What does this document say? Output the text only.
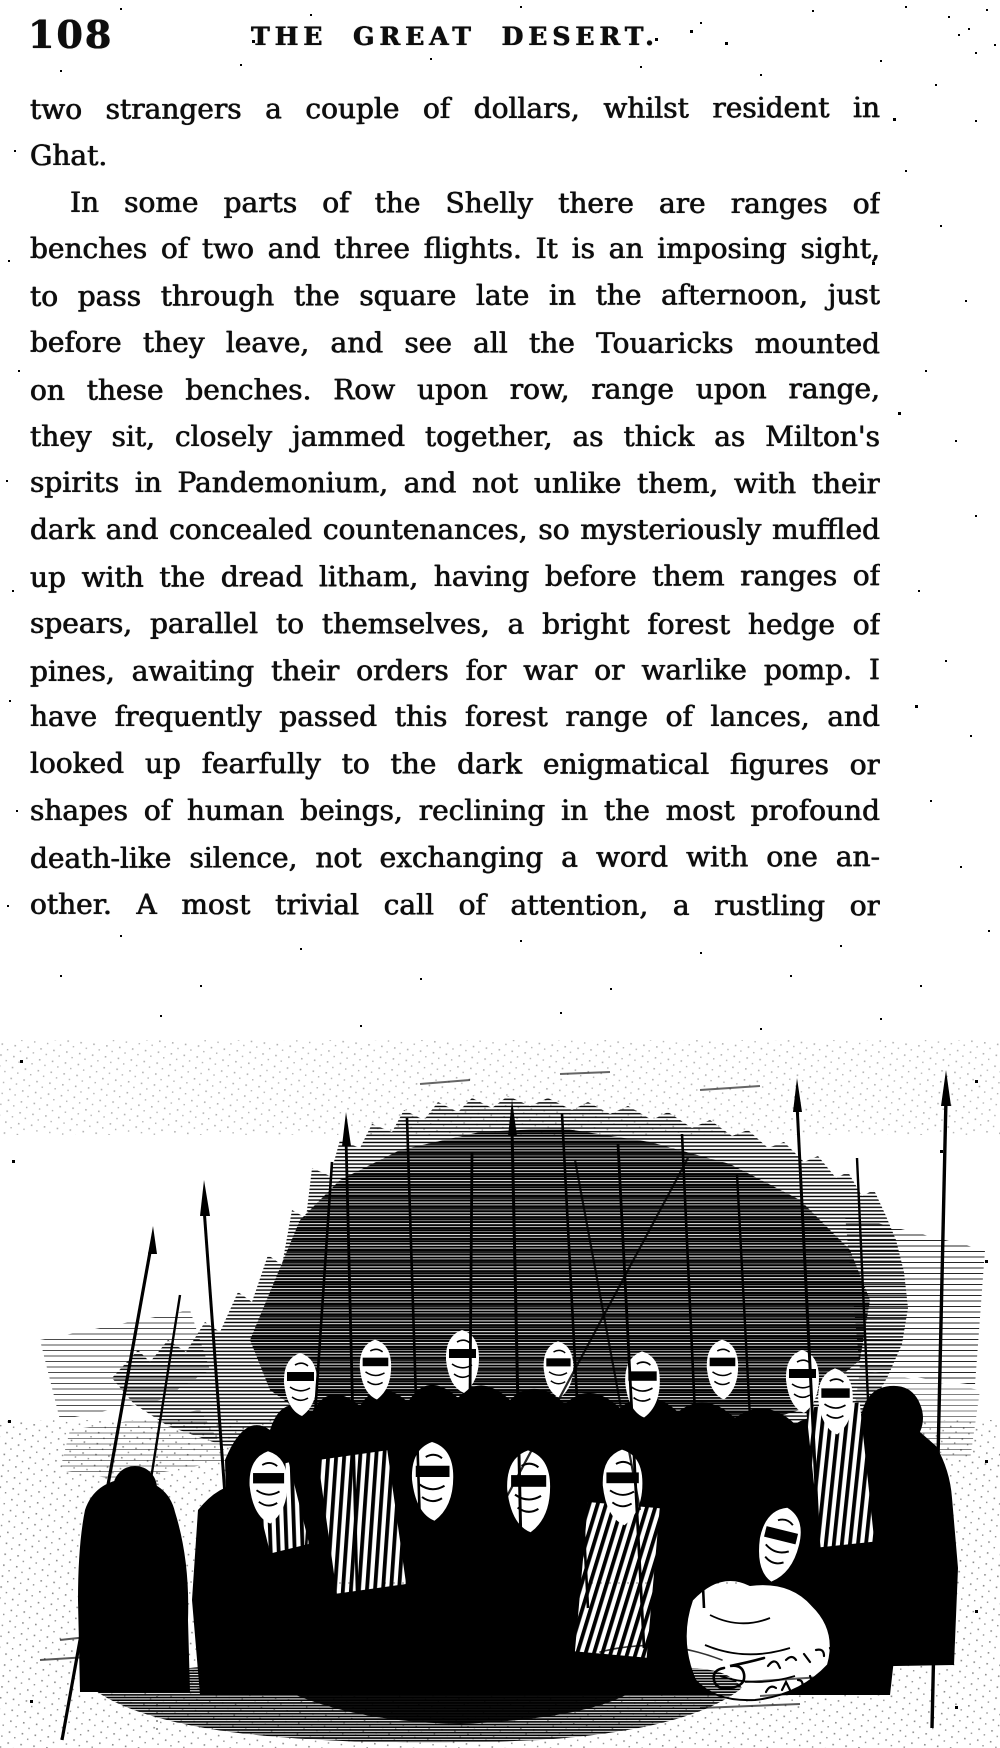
108	THE GREAT DESERT.
two strangers a couple of dollars, whilst resident in
Ghat.
In some parts of the Shelly there are ranges of
benches of two and three flights. It is an imposing sight,
to pass through the square late in the afternoon, just
before they leave, and see all the Touaricks mounted
on these benches. Row upon row, range upon range,
they sit, closely jammed together, as thick as Milton's
spirits in Pandemonium, and not unlike them, with their
dark and concealed countenances, so mysteriously muffled
up with the dread litham, having before them ranges of
spears, parallel to themselves, a bright forest hedge of
pines, awaiting their orders for war or warlike pomp. I
have frequently passed this forest range of lances, and
looked up fearfully to the dark enigmatical figures or
shapes of human beings, reclining in the most profound
death-like silence, not exchanging a word with one an-
other. A most trivial call of attention, a rustling or
